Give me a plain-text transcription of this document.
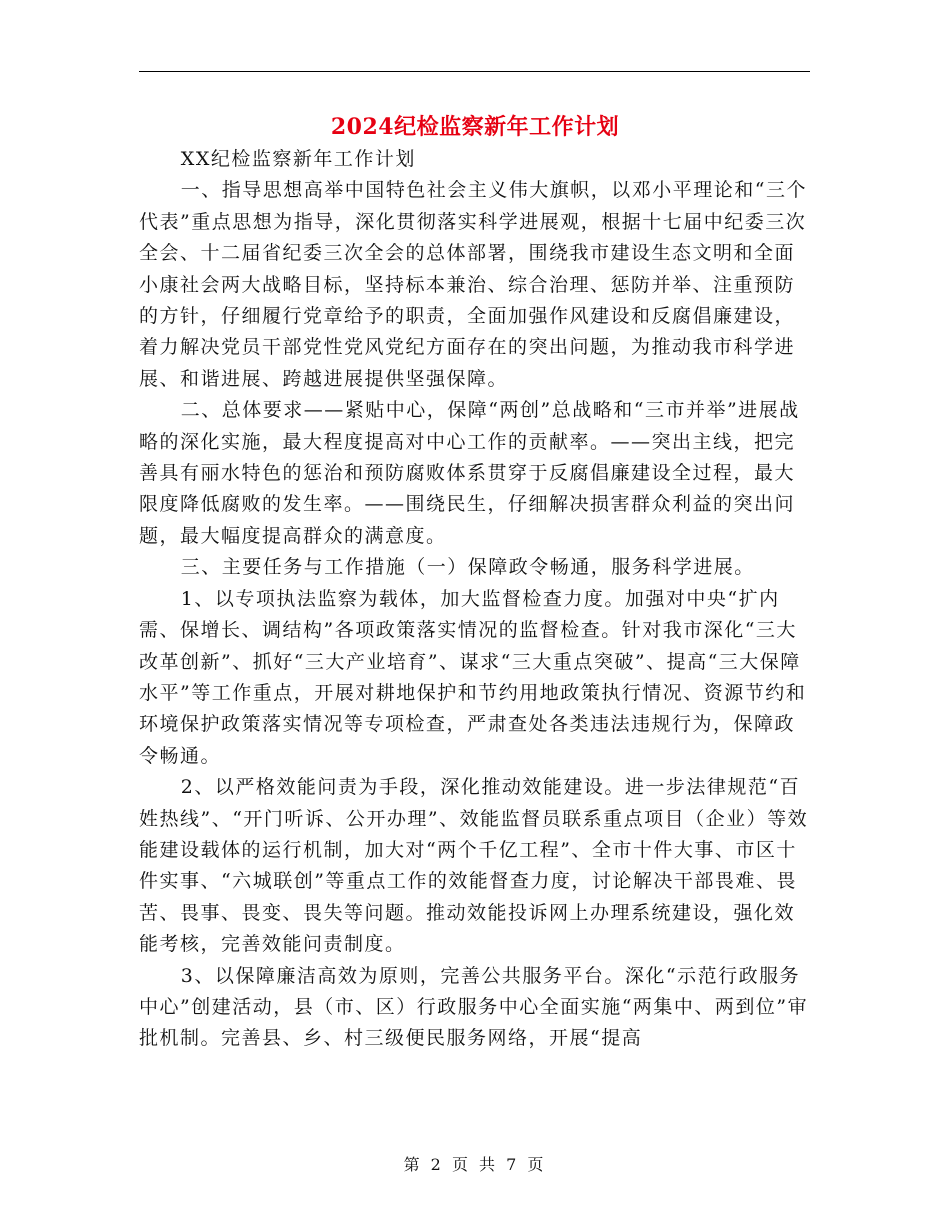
2024纪检监察新年工作计划

XX纪检监察新年工作计划

一、指导思想高举中国特色社会主义伟大旗帜，以邓小平理论和“三个代表”重点思想为指导，深化贯彻落实科学进展观，根据十七届中纪委三次全会、十二届省纪委三次全会的总体部署，围绕我市建设生态文明和全面小康社会两大战略目标，坚持标本兼治、综合治理、惩防并举、注重预防的方针，仔细履行党章给予的职责，全面加强作风建设和反腐倡廉建设，着力解决党员干部党性党风党纪方面存在的突出问题，为推动我市科学进展、和谐进展、跨越进展提供坚强保障。

二、总体要求——紧贴中心，保障“两创”总战略和“三市并举”进展战略的深化实施，最大程度提高对中心工作的贡献率。——突出主线，把完善具有丽水特色的惩治和预防腐败体系贯穿于反腐倡廉建设全过程，最大限度降低腐败的发生率。——围绕民生，仔细解决损害群众利益的突出问题，最大幅度提高群众的满意度。

三、主要任务与工作措施（一）保障政令畅通，服务科学进展。

1、以专项执法监察为载体，加大监督检查力度。加强对中央“扩内需、保增长、调结构”各项政策落实情况的监督检查。针对我市深化“三大改革创新”、抓好“三大产业培育”、谋求“三大重点突破”、提高“三大保障水平”等工作重点，开展对耕地保护和节约用地政策执行情况、资源节约和环境保护政策落实情况等专项检查，严肃查处各类违法违规行为，保障政令畅通。

2、以严格效能问责为手段，深化推动效能建设。进一步法律规范“百姓热线”、“开门听诉、公开办理”、效能监督员联系重点项目（企业）等效能建设载体的运行机制，加大对“两个千亿工程”、全市十件大事、市区十件实事、“六城联创”等重点工作的效能督查力度，讨论解决干部畏难、畏苦、畏事、畏变、畏失等问题。推动效能投诉网上办理系统建设，强化效能考核，完善效能问责制度。

3、以保障廉洁高效为原则，完善公共服务平台。深化“示范行政服务中心”创建活动，县（市、区）行政服务中心全面实施“两集中、两到位”审批机制。完善县、乡、村三级便民服务网络，开展“提高

第 2 页 共 7 页
